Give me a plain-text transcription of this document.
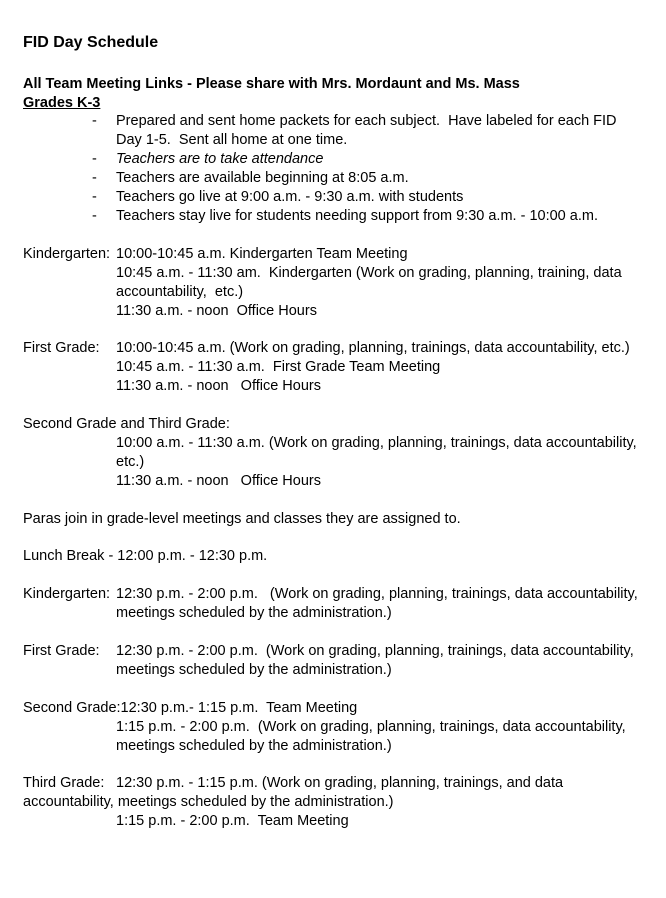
FID Day Schedule
All Team Meeting Links - Please share with Mrs. Mordaunt and Ms. Mass
Grades K-3
- Prepared and sent home packets for each subject.  Have labeled for each FID
Day 1-5.  Sent all home at one time.
- Teachers are to take attendance
- Teachers are available beginning at 8:05 a.m.
- Teachers go live at 9:00 a.m. - 9:30 a.m. with students
- Teachers stay live for students needing support from 9:30 a.m. - 10:00 a.m.
Kindergarten: 10:00-10:45 a.m. Kindergarten Team Meeting
10:45 a.m. - 11:30 am.  Kindergarten (Work on grading, planning, training, data
accountability,  etc.)
11:30 a.m. - noon  Office Hours
First Grade: 10:00-10:45 a.m. (Work on grading, planning, trainings, data accountability, etc.)
10:45 a.m. - 11:30 a.m.  First Grade Team Meeting
11:30 a.m. - noon   Office Hours
Second Grade and Third Grade:
10:00 a.m. - 11:30 a.m. (Work on grading, planning, trainings, data accountability,
etc.)
11:30 a.m. - noon   Office Hours
Paras join in grade-level meetings and classes they are assigned to.
Lunch Break - 12:00 p.m. - 12:30 p.m.
Kindergarten: 12:30 p.m. - 2:00 p.m.   (Work on grading, planning, trainings, data accountability,
meetings scheduled by the administration.)
First Grade: 12:30 p.m. - 2:00 p.m.  (Work on grading, planning, trainings, data accountability,
meetings scheduled by the administration.)
Second Grade:12:30 p.m.- 1:15 p.m.  Team Meeting
1:15 p.m. - 2:00 p.m.  (Work on grading, planning, trainings, data accountability,
meetings scheduled by the administration.)
Third Grade: 12:30 p.m. - 1:15 p.m. (Work on grading, planning, trainings, and data
accountability, meetings scheduled by the administration.)
1:15 p.m. - 2:00 p.m.  Team Meeting
